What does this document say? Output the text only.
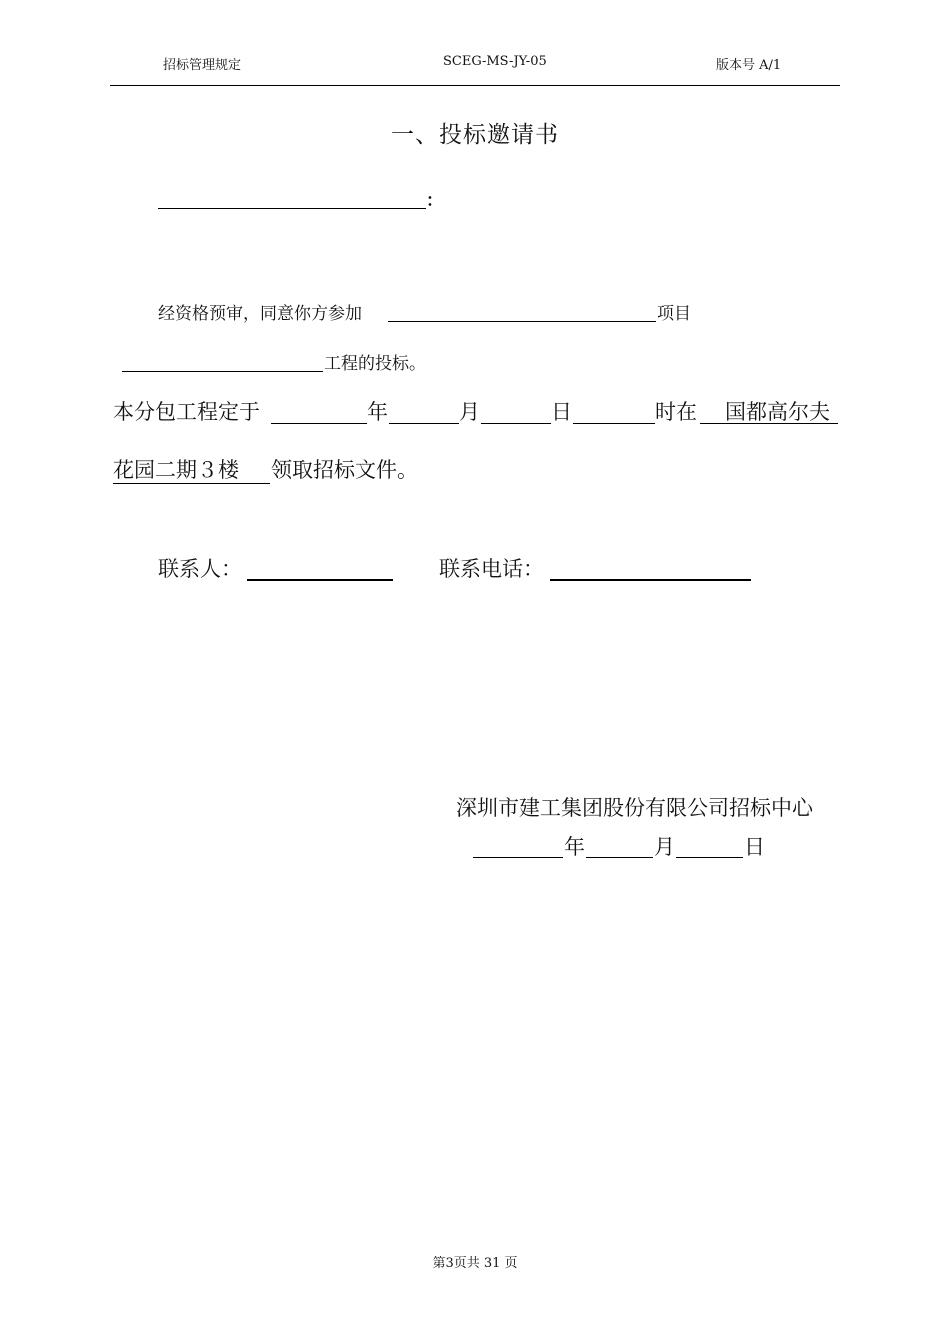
招标管理规定	SCEG-MS-JY-05	版本号 A/1
一、投标邀请书
：
经资格预审，同意你方参加	项目
工程的投标。
本分包工程定于	年	月	日	时在 国都高尔夫
花园二期３楼 领取招标文件。
联系人：	联系电话：
深圳市建工集团股份有限公司招标中心
年	月	日
第3页共 31 页
